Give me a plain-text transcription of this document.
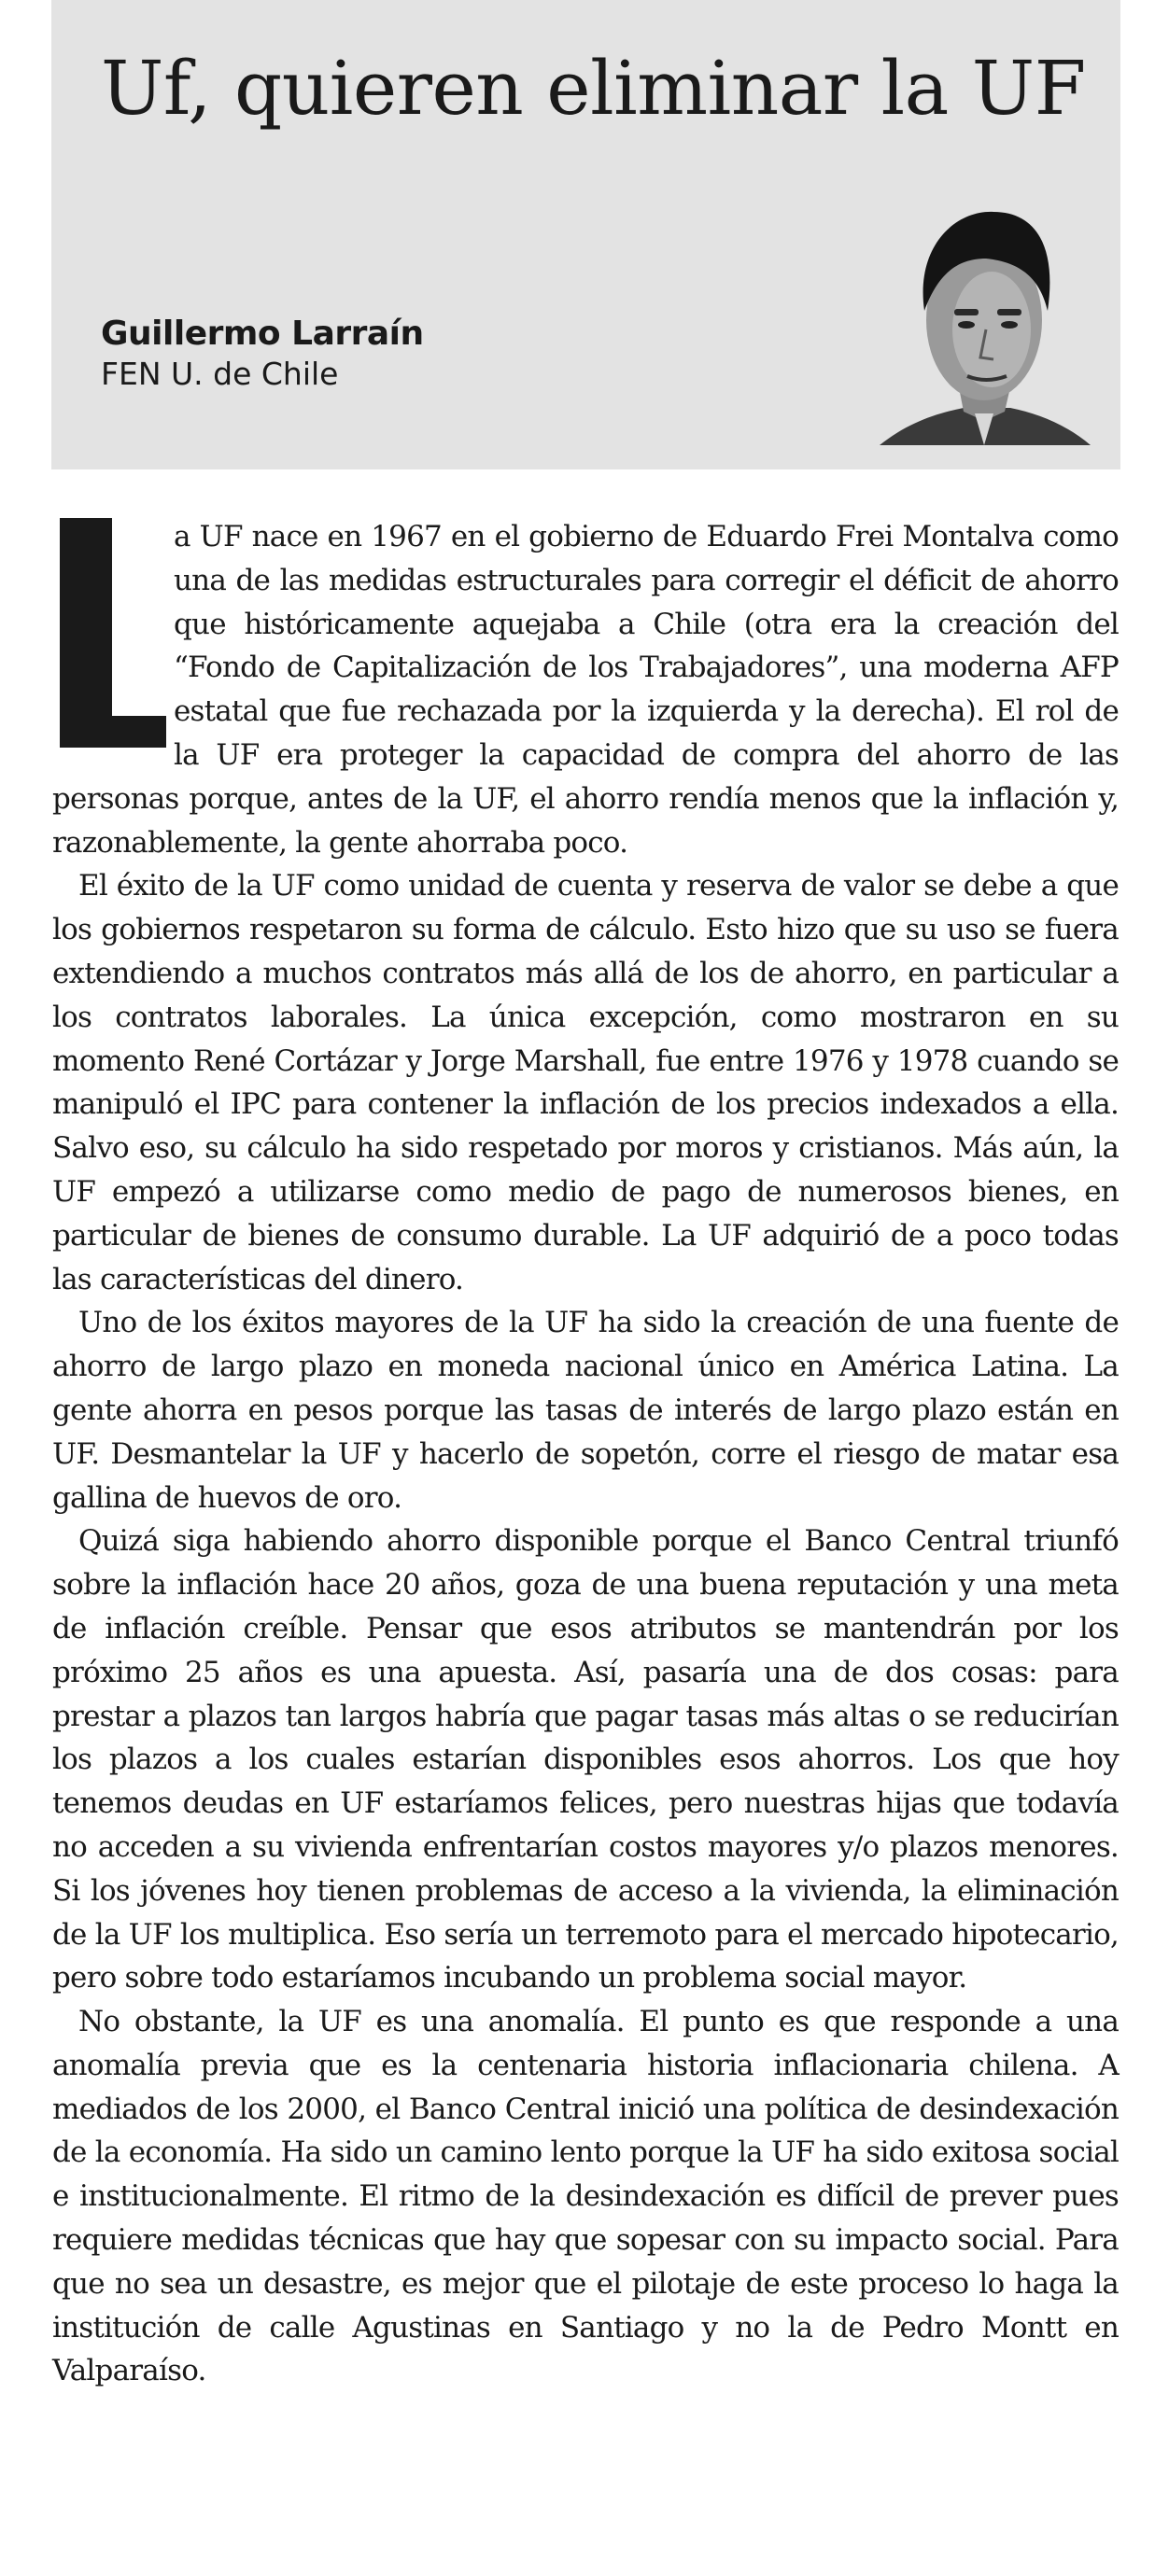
Uf, quieren eliminar la UF
Guillermo Larraín
FEN U. de Chile

a UF nace en 1967 en el gobierno de Eduardo Frei Montalva como una de las medidas estructurales para corregir el déficit de ahorro que históricamente aquejaba a Chile (otra era la creación del “Fondo de Capitalización de los Trabajadores”, una moderna AFP estatal que fue rechazada por la izquierda y la derecha). El rol de la UF era proteger la capacidad de compra del ahorro de las personas porque, antes de la UF, el ahorro rendía menos que la inflación y, razonablemente, la gente ahorraba poco.

El éxito de la UF como unidad de cuenta y reserva de valor se debe a que los gobiernos respetaron su forma de cálculo. Esto hizo que su uso se fuera extendiendo a muchos contratos más allá de los de ahorro, en particular a los contratos laborales. La única excepción, como mostraron en su momento René Cortázar y Jorge Marshall, fue entre 1976 y 1978 cuando se manipuló el IPC para contener la inflación de los precios indexados a ella. Salvo eso, su cálculo ha sido respetado por moros y cristianos. Más aún, la UF empezó a utilizarse como medio de pago de numerosos bienes, en particular de bienes de consumo durable. La UF adquirió de a poco todas las características del dinero.

Uno de los éxitos mayores de la UF ha sido la creación de una fuente de ahorro de largo plazo en moneda nacional único en América Latina. La gente ahorra en pesos porque las tasas de interés de largo plazo están en UF. Desmantelar la UF y hacerlo de sopetón, corre el riesgo de matar esa gallina de huevos de oro.

Quizá siga habiendo ahorro disponible porque el Banco Central triunfó sobre la inflación hace 20 años, goza de una buena reputación y una meta de inflación creíble. Pensar que esos atributos se mantendrán por los próximo 25 años es una apuesta. Así, pasaría una de dos cosas: para prestar a plazos tan largos habría que pagar tasas más altas o se reducirían los plazos a los cuales estarían disponibles esos ahorros. Los que hoy tenemos deudas en UF estaríamos felices, pero nuestras hijas que todavía no acceden a su vivienda enfrentarían costos mayores y/o plazos menores. Si los jóvenes hoy tienen problemas de acceso a la vivienda, la eliminación de la UF los multiplica. Eso sería un terremoto para el mercado hipotecario, pero sobre todo estaríamos incubando un problema social mayor.

No obstante, la UF es una anomalía. El punto es que responde a una anomalía previa que es la centenaria historia inflacionaria chilena. A mediados de los 2000, el Banco Central inició una política de desindexación de la economía. Ha sido un camino lento porque la UF ha sido exitosa social e institucionalmente. El ritmo de la desindexación es difícil de prever pues requiere medidas técnicas que hay que sopesar con su impacto social. Para que no sea un desastre, es mejor que el pilotaje de este proceso lo haga la institución de calle Agustinas en Santiago y no la de Pedro Montt en Valparaíso.
